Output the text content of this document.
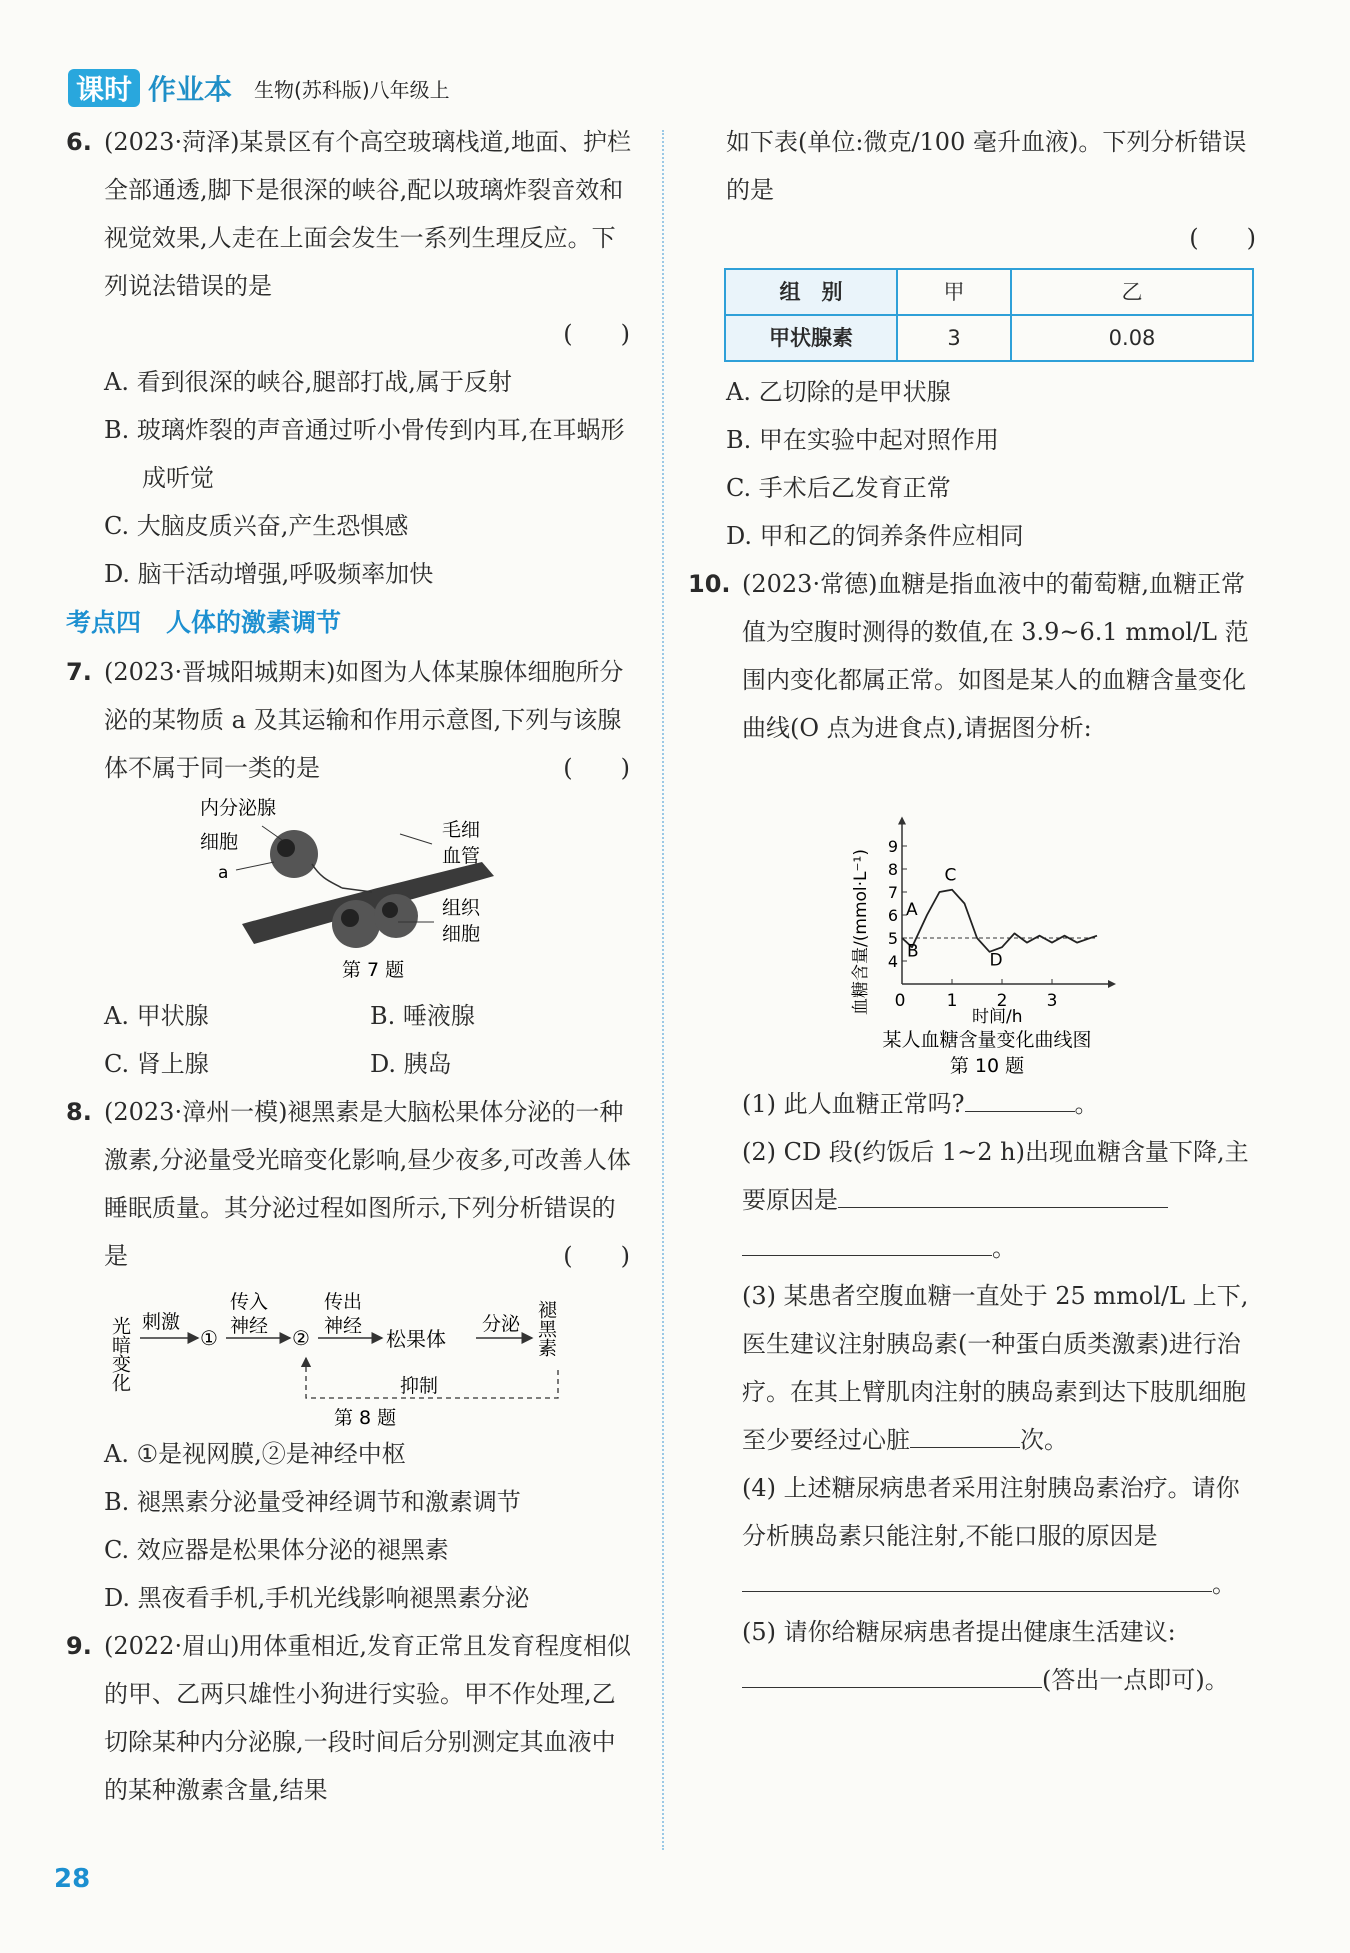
课时 作业本 生物(苏科版)八年级上
6. (2023·菏泽)某景区有个高空玻璃栈道,地面、护栏全部通透,脚下是很深的峡谷,配以玻璃炸裂音效和视觉效果,人走在上面会发生一系列生理反应。下列说法错误的是
(　　)
A. 看到很深的峡谷,腿部打战,属于反射
B. 玻璃炸裂的声音通过听小骨传到内耳,在耳蜗形成听觉
C. 大脑皮质兴奋,产生恐惧感
D. 脑干活动增强,呼吸频率加快
考点四　人体的激素调节
7. (2023·晋城阳城期末)如图为人体某腺体细胞所分泌的某物质 a 及其运输和作用示意图,下列与该腺体不属于同一类的是	(　　)
内分泌腺
细胞
a
毛细
血管
组织
细胞
第 7 题
A. 甲状腺	B. 唾液腺
C. 肾上腺	D. 胰岛
8. (2023·漳州一模)褪黑素是大脑松果体分泌的一种激素,分泌量受光暗变化影响,昼少夜多,可改善人体睡眠质量。其分泌过程如图所示,下列分析错误的是	(　　)
光暗变化 刺激
①
传入
神经 ②
传出
神经
松果体
分泌 褪黑素
抑制
第 8 题
A. ①是视网膜,②是神经中枢
B. 褪黑素分泌量受神经调节和激素调节
C. 效应器是松果体分泌的褪黑素
D. 黑夜看手机,手机光线影响褪黑素分泌
9. (2022·眉山)用体重相近,发育正常且发育程度相似的甲、乙两只雄性小狗进行实验。甲不作处理,乙切除某种内分泌腺,一段时间后分别测定其血液中的某种激素含量,结果
如下表(单位:微克/100 毫升血液)。下列分析错误的是
(　　)
组　别	甲	乙
甲状腺素	3	0.08
A. 乙切除的是甲状腺
B. 甲在实验中起对照作用
C. 手术后乙发育正常
D. 甲和乙的饲养条件应相同
10. (2023·常德)血糖是指血液中的葡萄糖,血糖正常值为空腹时测得的数值,在 3.9~6.1 mmol/L 范围内变化都属正常。如图是某人的血糖含量变化曲线(O 点为进食点),请据图分析:
血糖含量/(mmol·L⁻¹)
时间/h
某人血糖含量变化曲线图
第 10 题
0 1 2 3
4
5
6
7
8
9
A
B
C
D
(1) 此人血糖正常吗?	。
(2) CD 段(约饭后 1~2 h)出现血糖含量下降,主要原因是
。
(3) 某患者空腹血糖一直处于 25 mmol/L 上下,医生建议注射胰岛素(一种蛋白质类激素)进行治疗。在其上臂肌肉注射的胰岛素到达下肢肌细胞至少要经过心脏	次。
(4) 上述糖尿病患者采用注射胰岛素治疗。请你分析胰岛素只能注射,不能口服的原因是。
(5) 请你给糖尿病患者提出健康生活建议:
(答出一点即可)。
28
